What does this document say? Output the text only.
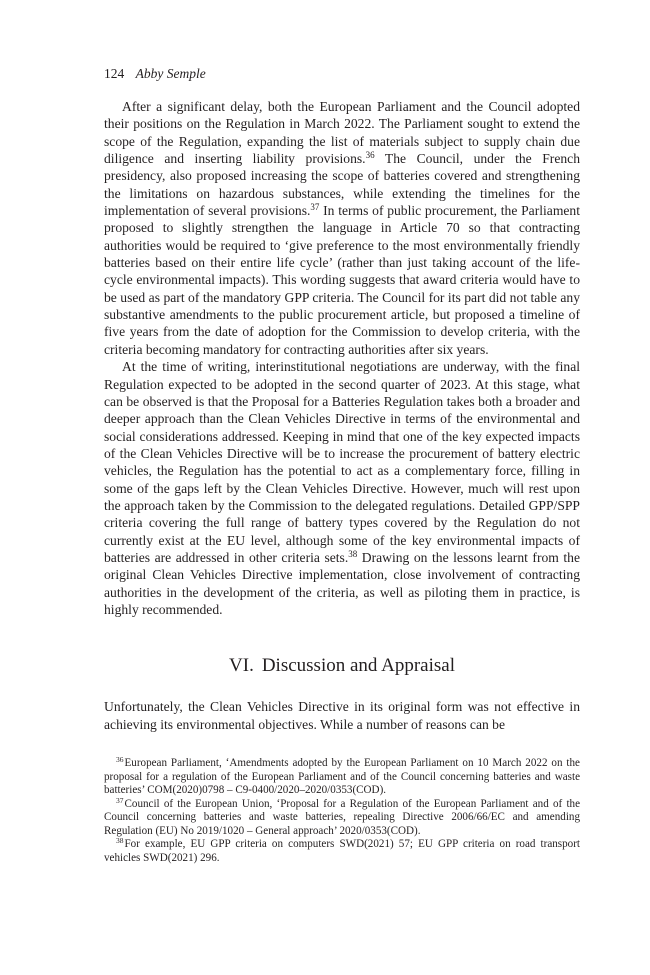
124 Abby Semple

After a significant delay, both the European Parliament and the Council adopted their positions on the Regulation in March 2022. The Parliament sought to extend the scope of the Regulation, expanding the list of materials subject to supply chain due diligence and inserting liability provisions.$^{36}$ The Council, under the French presidency, also proposed increasing the scope of batteries covered and strengthening the limitations on hazardous substances, while extending the timelines for the implementation of several provisions.$^{37}$ In terms of public procurement, the Parliament proposed to slightly strengthen the language in Article 70 so that contracting authorities would be required to ‘give preference to the most environmentally friendly batteries based on their entire life cycle’ (rather than just taking account of the life-cycle environmental impacts). This wording suggests that award criteria would have to be used as part of the mandatory GPP criteria. The Council for its part did not table any substantive amendments to the public procurement article, but proposed a timeline of five years from the date of adoption for the Commission to develop criteria, with the criteria becoming mandatory for contracting authorities after six years.

At the time of writing, interinstitutional negotiations are underway, with the final Regulation expected to be adopted in the second quarter of 2023. At this stage, what can be observed is that the Proposal for a Batteries Regulation takes both a broader and deeper approach than the Clean Vehicles Directive in terms of the environmental and social considerations addressed. Keeping in mind that one of the key expected impacts of the Clean Vehicles Directive will be to increase the procurement of battery electric vehicles, the Regulation has the potential to act as a complementary force, filling in some of the gaps left by the Clean Vehicles Directive. However, much will rest upon the approach taken by the Commission to the delegated regulations. Detailed GPP/SPP criteria covering the full range of battery types covered by the Regulation do not currently exist at the EU level, although some of the key environmental impacts of batteries are addressed in other criteria sets.$^{38}$ Drawing on the lessons learnt from the original Clean Vehicles Directive implementation, close involvement of contracting authorities in the development of the criteria, as well as piloting them in practice, is highly recommended.

VI. Discussion and Appraisal

Unfortunately, the Clean Vehicles Directive in its original form was not effective in achieving its environmental objectives. While a number of reasons can be

$^{36}$European Parliament, ‘Amendments adopted by the European Parliament on 10 March 2022 on the proposal for a regulation of the European Parliament and of the Council concerning batteries and waste batteries’ COM(2020)0798 – C9-0400/2020–2020/0353(COD).

$^{37}$Council of the European Union, ‘Proposal for a Regulation of the European Parliament and of the Council concerning batteries and waste batteries, repealing Directive 2006/66/EC and amending Regulation (EU) No 2019/1020 – General approach’ 2020/0353(COD).

$^{38}$For example, EU GPP criteria on computers SWD(2021) 57; EU GPP criteria on road transport vehicles SWD(2021) 296.
